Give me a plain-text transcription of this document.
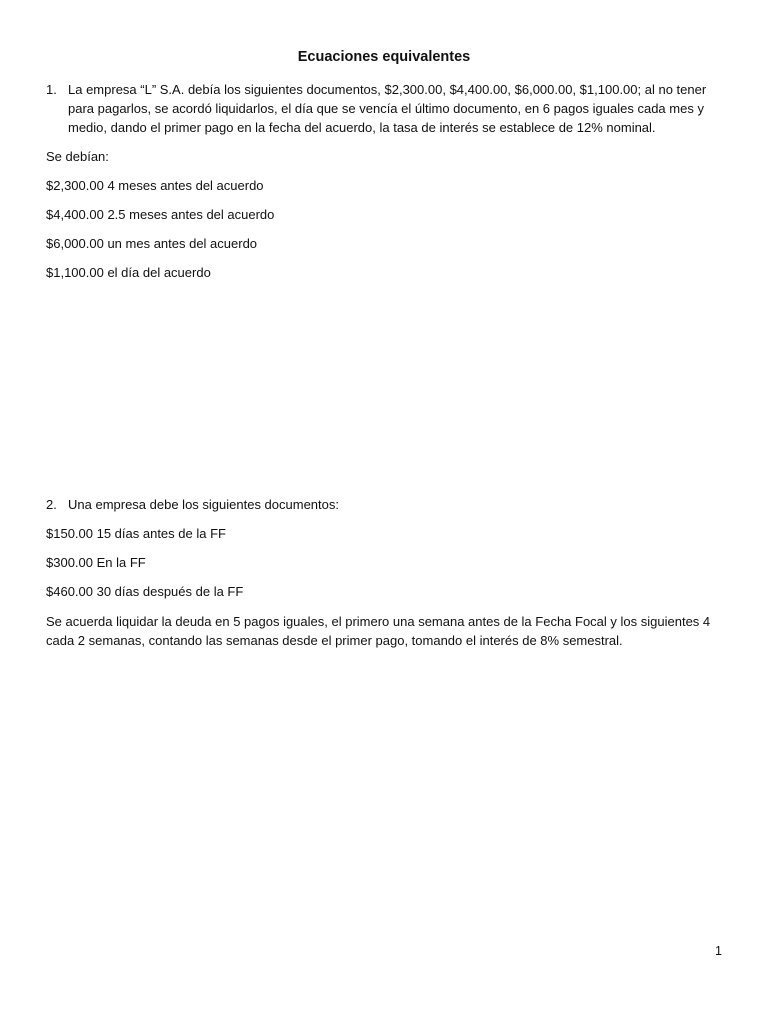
Ecuaciones equivalentes
1. La empresa “L” S.A. debía los siguientes documentos, $2,300.00, $4,400.00, $6,000.00, $1,100.00; al no tener para pagarlos, se acordó liquidarlos, el día que se vencía el último documento, en 6 pagos iguales cada mes y medio, dando el primer pago en la fecha del acuerdo, la tasa de interés se establece de 12% nominal.

Se debían:

$2,300.00 4 meses antes del acuerdo

$4,400.00 2.5 meses antes del acuerdo

$6,000.00 un mes antes del acuerdo

$1,100.00 el día del acuerdo

2. Una empresa debe los siguientes documentos:

$150.00 15 días antes de la FF

$300.00 En la FF

$460.00 30 días después de la FF

Se acuerda liquidar la deuda en 5 pagos iguales, el primero una semana antes de la Fecha Focal y los siguientes 4 cada 2 semanas, contando las semanas desde el primer pago, tomando el interés de 8% semestral.

1
